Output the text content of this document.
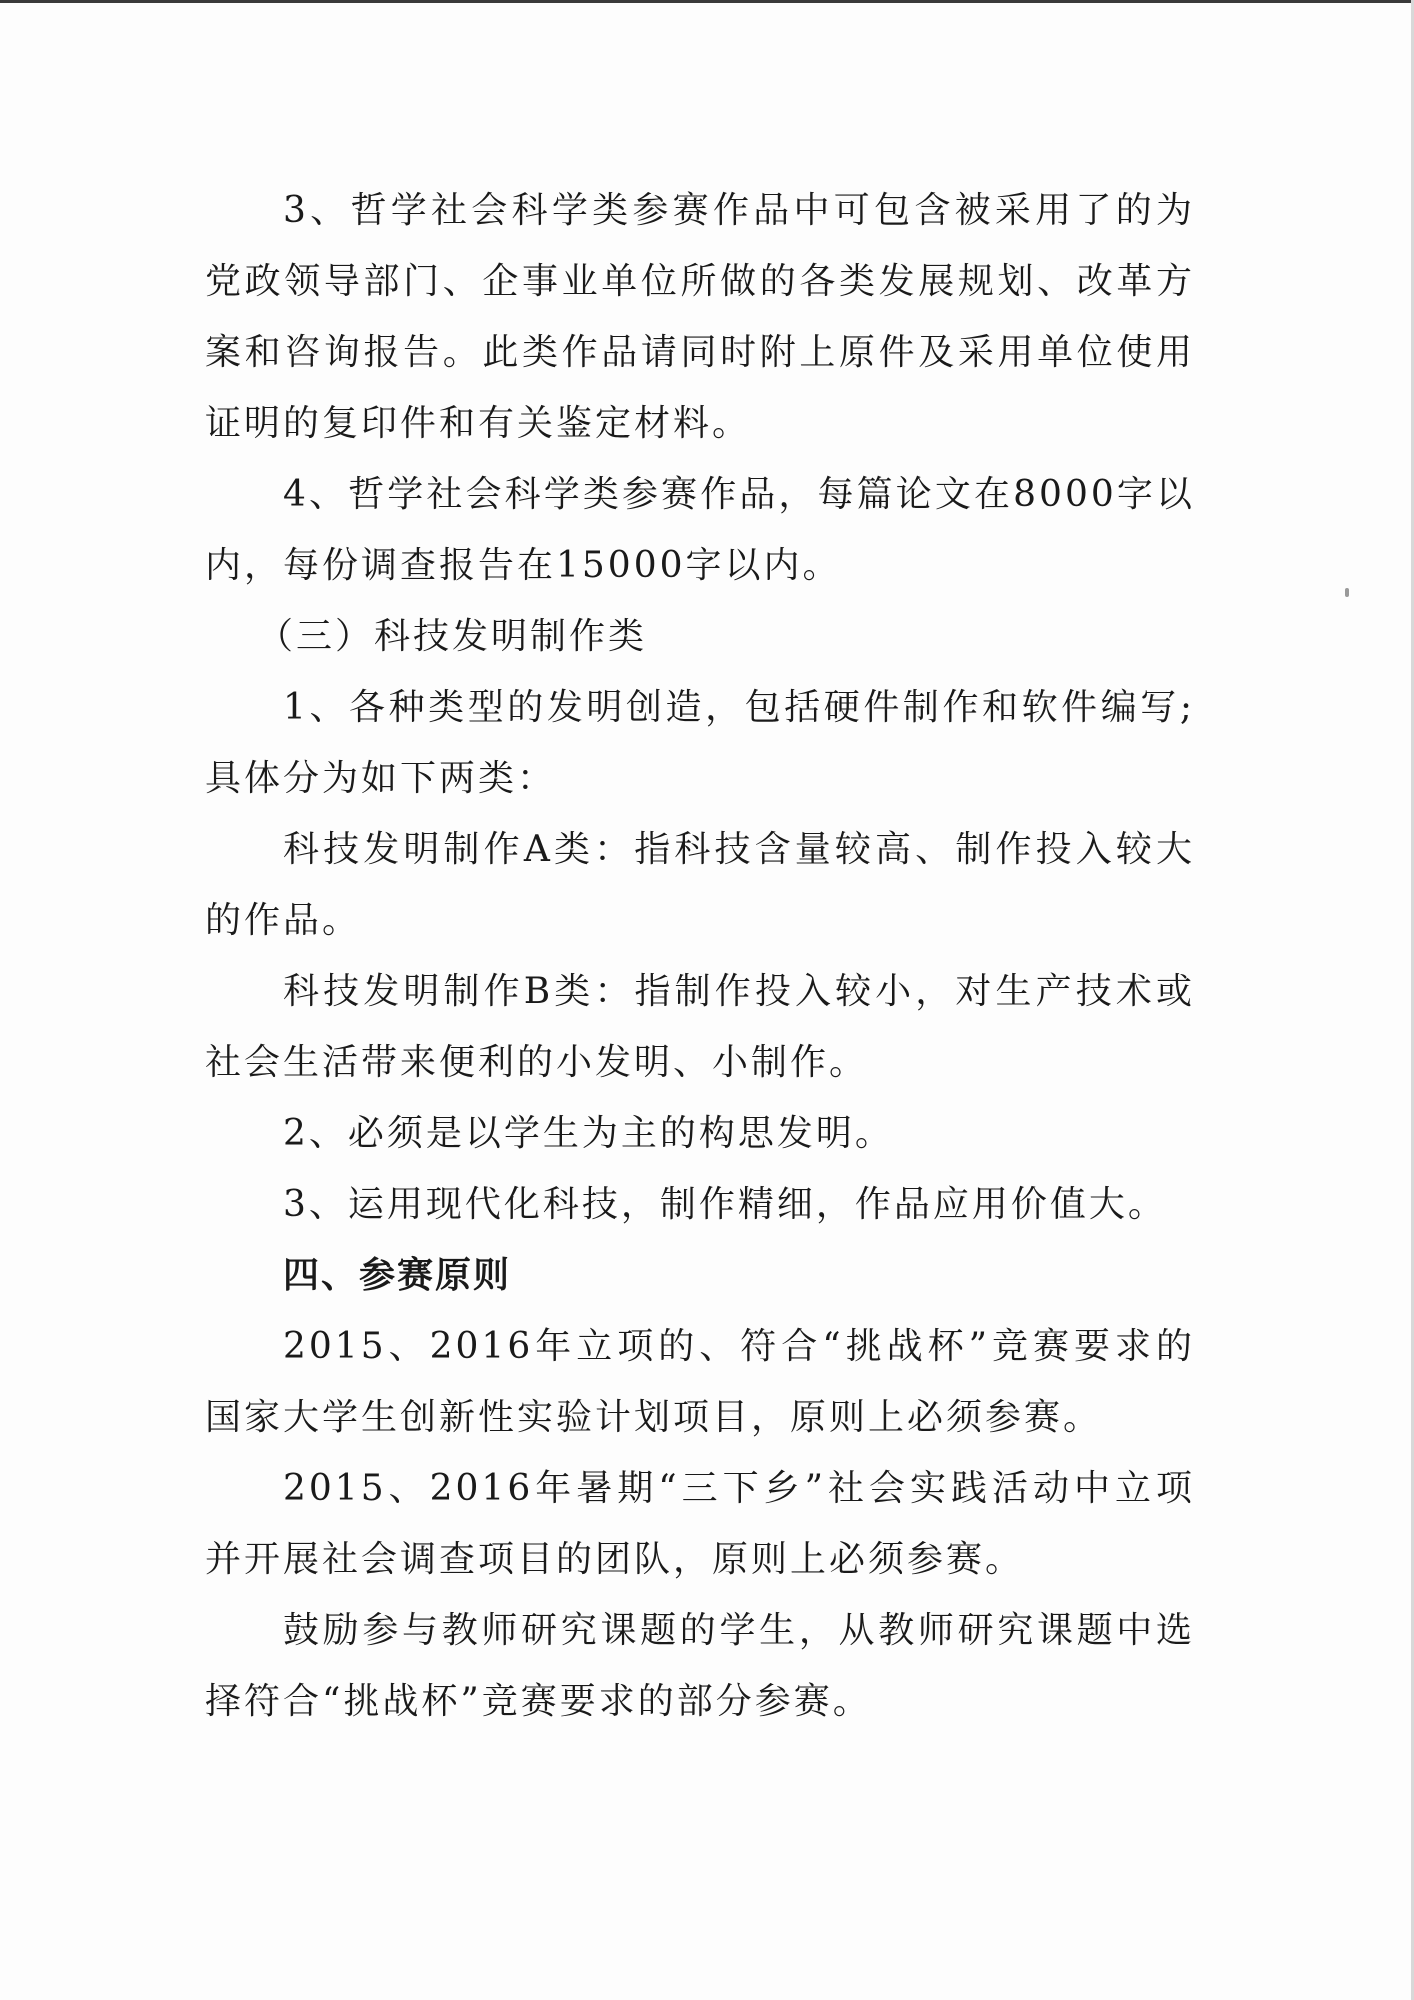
3、哲学社会科学类参赛作品中可包含被采用了的为党政领导部门、企事业单位所做的各类发展规划、改革方案和咨询报告。此类作品请同时附上原件及采用单位使用证明的复印件和有关鉴定材料。

4、哲学社会科学类参赛作品，每篇论文在8000字以内，每份调查报告在15000字以内。

（三）科技发明制作类

1、各种类型的发明创造，包括硬件制作和软件编写;具体分为如下两类：

科技发明制作A类：指科技含量较高、制作投入较大的作品。

科技发明制作B类：指制作投入较小，对生产技术或社会生活带来便利的小发明、小制作。

2、必须是以学生为主的构思发明。

3、运用现代化科技，制作精细，作品应用价值大。

四、参赛原则

2015、2016年立项的、符合“挑战杯”竞赛要求的国家大学生创新性实验计划项目，原则上必须参赛。

2015、2016年暑期“三下乡”社会实践活动中立项并开展社会调查项目的团队，原则上必须参赛。

鼓励参与教师研究课题的学生，从教师研究课题中选择符合“挑战杯”竞赛要求的部分参赛。
